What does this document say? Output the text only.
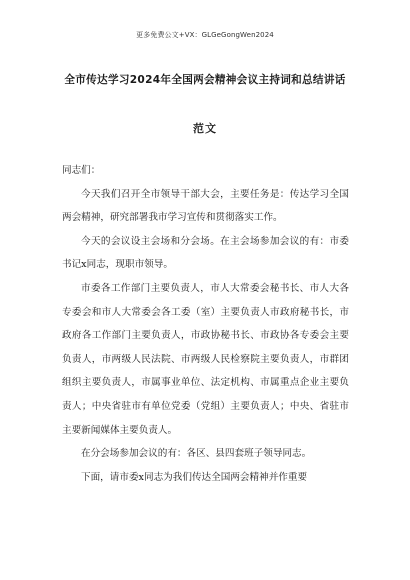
更多免费公文+VX：GLGeGongWen2024
全市传达学习2024年全国两会精神会议主持词和总结讲话
范文

同志们：

今天我们召开全市领导干部大会，主要任务是：传达学习全国两会精神，研究部署我市学习宣传和贯彻落实工作。

今天的会议设主会场和分会场。在主会场参加会议的有：市委书记x同志，现职市领导。

市委各工作部门主要负责人，市人大常委会秘书长、市人大各专委会和市人大常委会各工委（室）主要负责人市政府秘书长，市政府各工作部门主要负责人，市政协秘书长、市政协各专委会主要负责人，市两级人民法院、市两级人民检察院主要负责人，市群团组织主要负责人，市属事业单位、法定机构、市属重点企业主要负责人；中央省驻市有单位党委（党组）主要负责人；中央、省驻市主要新闻媒体主要负责人。

在分会场参加会议的有：各区、县四套班子领导同志。

下面，请市委x同志为我们传达全国两会精神并作重要
